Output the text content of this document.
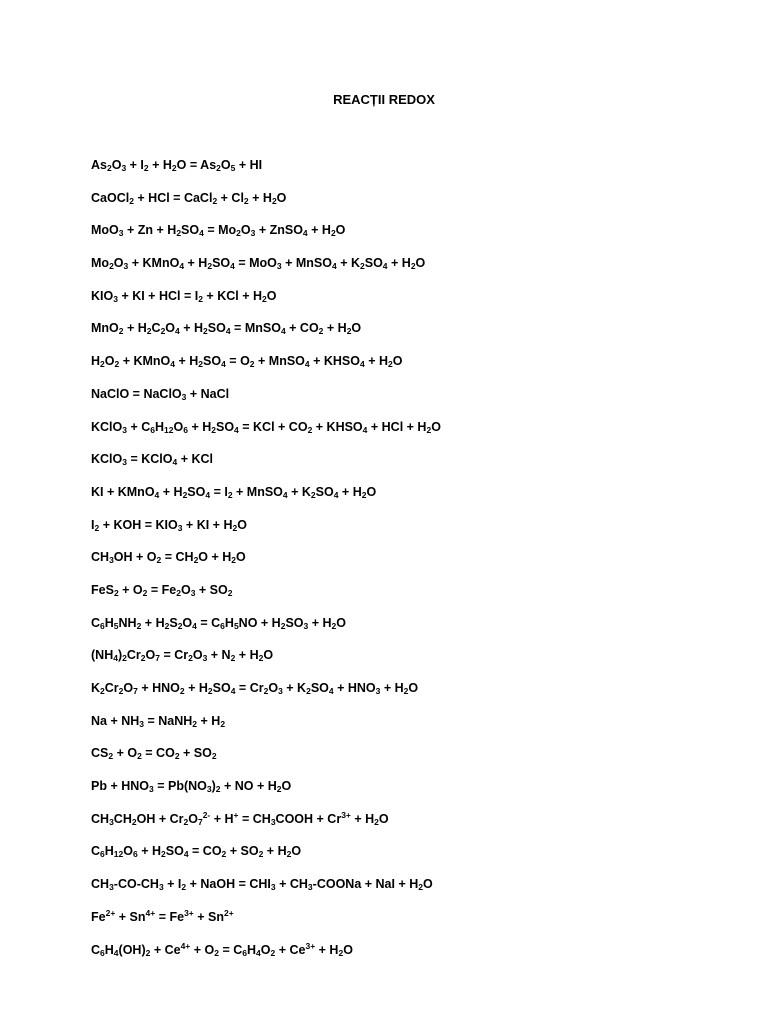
REACȚII REDOX
$As_2O_3 + I_2 + H_2O = As_2O_5$ + HI
CaOCl$_2$ + HCl = CaCl$_2$ + $Cl_2 + H_2O$
$MoO_3 + Zn + H_2SO_4 = Mo_2O_3$ + ZnSO$_4$ + $H_2O$
$Mo_2O_3$ + KMnO$_4$ + $H_2SO_4 = MoO_3$ + MnSO$_4$ + $K_2SO_4 + H_2O$
$KIO_3$ + KI + HCl = $I_2$ + KCl + $H_2O$
$MnO_2 + H_2C_2O_4 + H_2SO_4$ = MnSO$_4$ + $CO_2 + H_2O$
$H_2O_2$ + KMnO$_4$ + $H_2SO_4 = O_2$ + MnSO$_4$ + $KHSO_4 + H_2O$
NaClO = NaClO$_3$ + NaCl
KClO$_3$ + $C_6H_{12}O_6 + H_2SO_4$ = KCl + $CO_2$ + $KHSO_4$ + HCl + $H_2O$
KClO$_3$ = KClO$_4$ + KCl
KI + KMnO$_4$ + $H_2SO_4 = I_2$ + MnSO$_4$ + $K_2SO_4 + H_2O$
$I_2$ + KOH = $KIO_3$ + KI + $H_2O$
$CH_3OH + O_2 = CH_2O + H_2O$
$FeS_2 + O_2 = Fe_2O_3 + SO_2$
$C_6H_5NH_2 + H_2S_2O_4 = C_6H_5NO + H_2SO_3 + H_2O$
$(NH_4)_2Cr_2O_7 = Cr_2O_3 + N_2 + H_2O$
$K_2Cr_2O_7 + HNO_2 + H_2SO_4 = Cr_2O_3 + K_2SO_4 + HNO_3 + H_2O$
$Na + NH_3$ = NaNH$_2$ + $H_2$
$CS_2 + O_2 = CO_2 + SO_2$
$Pb + HNO_3 = Pb(NO_3)_2$ + NO + $H_2O$
$CH_3CH_2OH + Cr_2O_7^{2-} + H^+$ = $CH_3COOH + Cr^{3+} + H_2O$
$C_6H_{12}O_6 + H_2SO_4 = CO_2 + SO_2 + H_2O$
$CH_3-CO-CH_3 + I_2$ + NaOH = $CHI_3$ + $CH_3$-COONa + NaI + $H_2O$
$Fe^{2+} + Sn^{4+} = Fe^{3+} + Sn^{2+}$
$C_6H_4(OH)_2 + Ce^{4+} + O_2 = C_6H_4O_2 + Ce^{3+} + H_2O$
